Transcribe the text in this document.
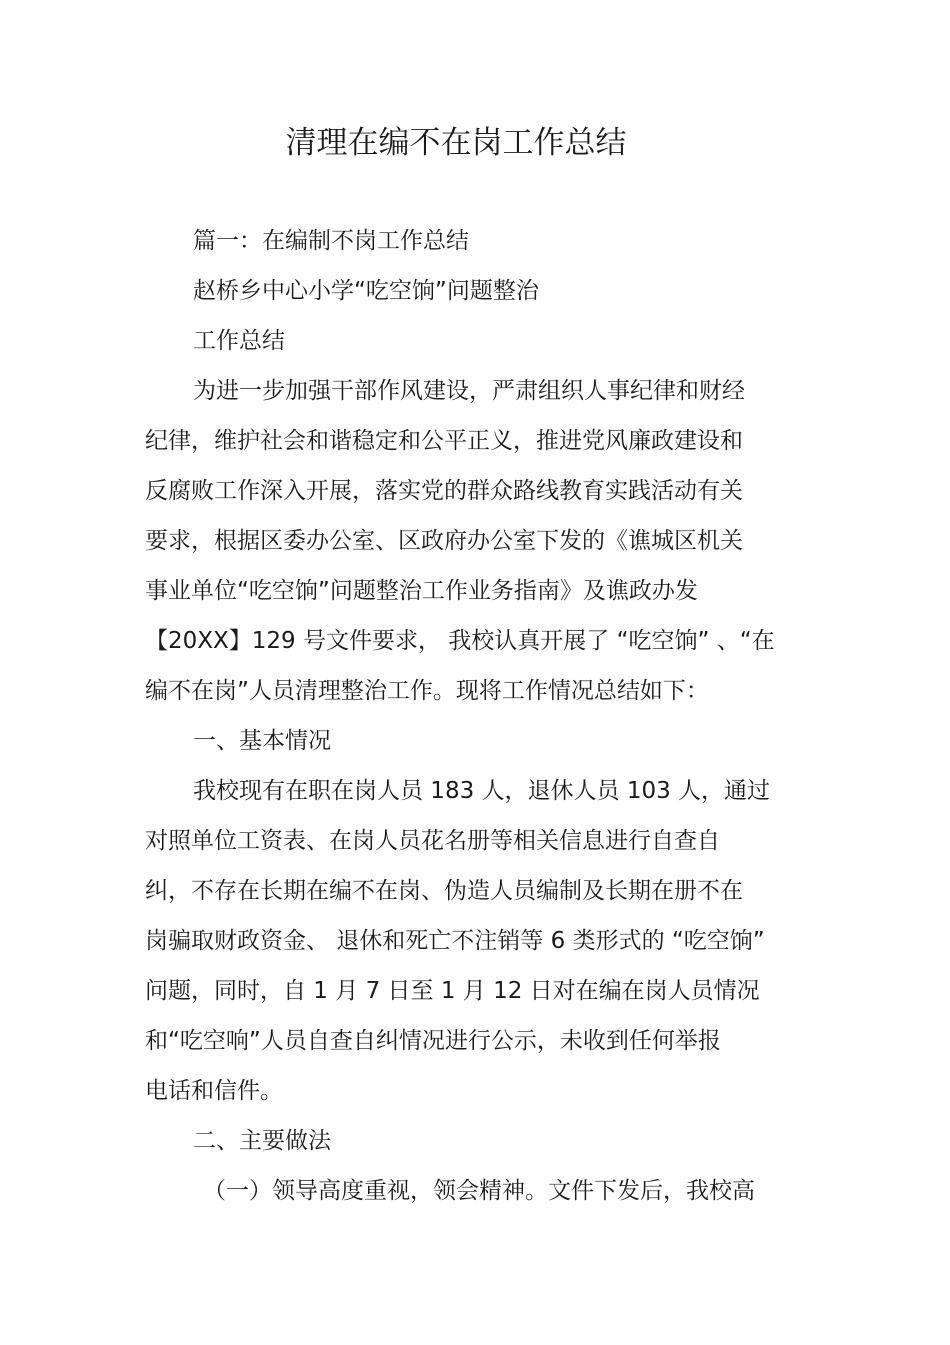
清理在编不在岗工作总结

篇一：在编制不岗工作总结

赵桥乡中心小学“吃空饷”问题整治

工作总结

为进一步加强干部作风建设，严肃组织人事纪律和财经

纪律，维护社会和谐稳定和公平正义，推进党风廉政建设和

反腐败工作深入开展，落实党的群众路线教育实践活动有关

要求，根据区委办公室、区政府办公室下发的《谯城区机关

事业单位“吃空饷”问题整治工作业务指南》及谯政办发

【20XX】129 号文件要求， 我校认真开展了 “吃空饷” 、“在

编不在岗”人员清理整治工作。现将工作情况总结如下：

一、基本情况

我校现有在职在岗人员 183 人，退休人员 103 人，通过

对照单位工资表、在岗人员花名册等相关信息进行自查自

纠，不存在长期在编不在岗、伪造人员编制及长期在册不在

岗骗取财政资金、 退休和死亡不注销等 6 类形式的 “吃空饷”

问题，同时，自 1 月 7 日至 1 月 12 日对在编在岗人员情况

和“吃空响”人员自查自纠情况进行公示，未收到任何举报

电话和信件。

二、主要做法

（一）领导高度重视，领会精神。文件下发后，我校高
